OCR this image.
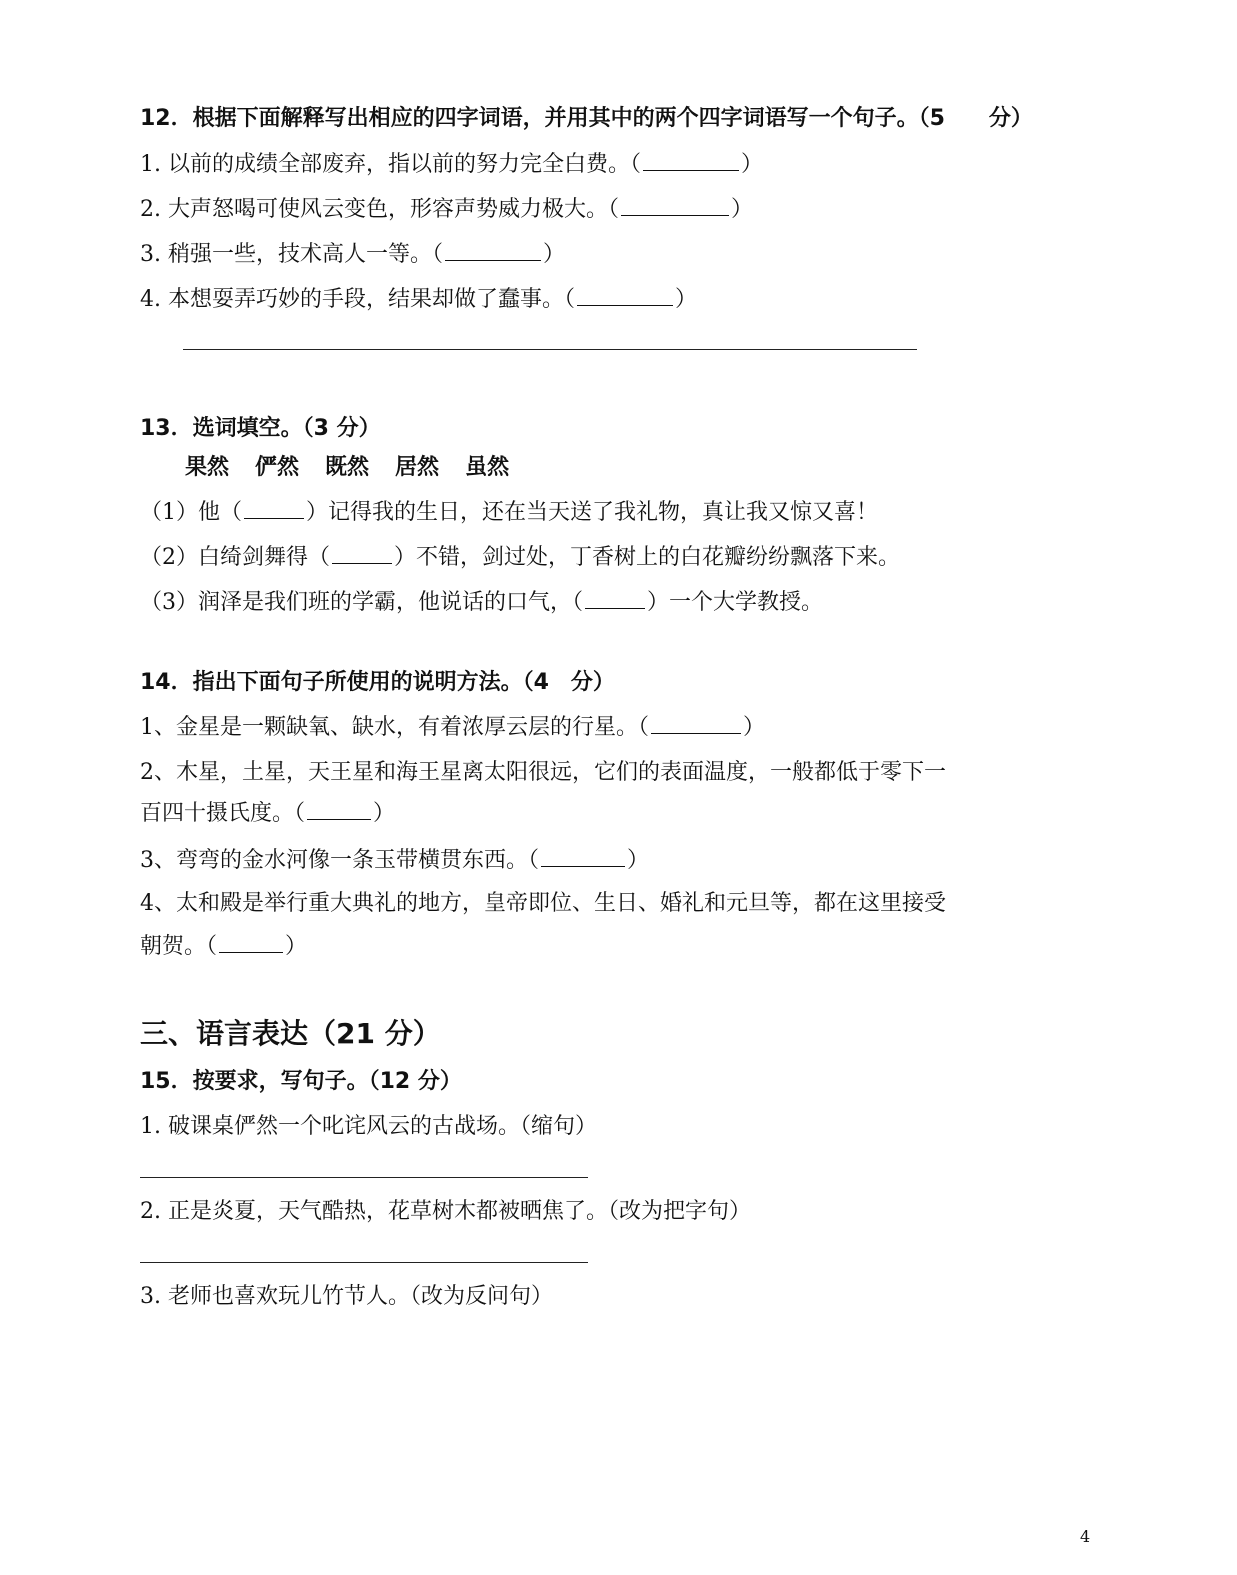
12．根据下面解释写出相应的四字词语，并用其中的两个四字词语写一个句子。（5　　分）
1. 以前的成绩全部废弃，指以前的努力完全白费。（	）
2. 大声怒喝可使风云变色，形容声势威力极大。（	）
3. 稍强一些，技术高人一等。（	）
4. 本想耍弄巧妙的手段，结果却做了蠢事。（	）
13．选词填空。（3 分）
果然 俨然 既然 居然 虽然
（1）他（	）记得我的生日，还在当天送了我礼物，真让我又惊又喜！
（2）白绮剑舞得（	）不错，剑过处，丁香树上的白花瓣纷纷飘落下来。
（3）润泽是我们班的学霸，他说话的口气，（	）一个大学教授。
14．指出下面句子所使用的说明方法。（4　分）
1、金星是一颗缺氧、缺水，有着浓厚云层的行星。（	）
2、木星，土星，天王星和海王星离太阳很远，它们的表面温度，一般都低于零下一
百四十摄氏度。（	）
3、弯弯的金水河像一条玉带横贯东西。（	）
4、太和殿是举行重大典礼的地方，皇帝即位、生日、婚礼和元旦等，都在这里接受
朝贺。（	）
三、语言表达（21 分）
15．按要求，写句子。（12 分）
1. 破课桌俨然一个叱诧风云的古战场。（缩句）
2. 正是炎夏，天气酷热，花草树木都被晒焦了。（改为把字句）
3. 老师也喜欢玩儿竹节人。（改为反问句）
4
